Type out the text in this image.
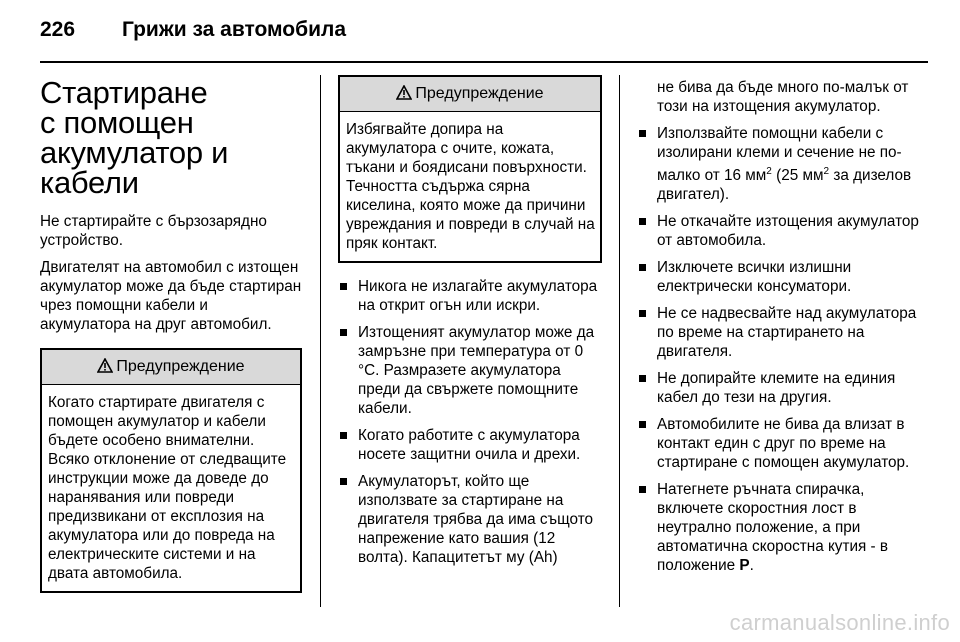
226 Грижи за автомобила
Стартиране
с помощен
акумулатор и кабели

Не стартирайте с бързозарядно устройство.

Двигателят на автомобил с изтощен акумулатор може да бъде стартиран чрез помощни кабели и акумулатора на друг автомобил.

Предупреждение
Когато стартирате двигателя с помощен акумулатор и кабели бъдете особено внимателни. Всяко отклонение от следващите инструкции може да доведе до наранявания или повреди предизвикани от експлозия на акумулатора или до повреда на електрическите системи и на двата автомобила.
Предупреждение
Избягвайте допира на акумулатора с очите, кожата, тъкани и боядисани повърхности. Течността съдържа сярна киселина, която може да причини увреждания и повреди в случай на пряк контакт.
Никога не излагайте акумулатора на открит огън или искри.
Изтощеният акумулатор може да замръзне при температура от 0 °C. Размразете акумулатора преди да свържете помощните кабели.
Когато работите с акумулатора носете защитни очила и дрехи.
Акумулаторът, който ще използвате за стартиране на двигателя трябва да има същото напрежение като вашия (12 волта). Капацитетът му (Ah)
не бива да бъде много по-малък от този на изтощения акумулатор.
Използвайте помощни кабели с изолирани клеми и сечение не по-малко от 16 $мм^2$ (25 $мм^2$ за дизелов двигател).
Не откачайте изтощения акумулатор от автомобила.
Изключете всички излишни електрически консуматори.
Не се надвесвайте над акумулатора по време на стартирането на двигателя.
Не допирайте клемите на единия кабел до тези на другия.
Автомобилите не бива да влизат в контакт един с друг по време на стартиране с помощен акумулатор.
Натегнете ръчната спирачка, включете скоростния лост в неутрално положение, а при автоматична скоростна кутия - в положение P.
carmanualsonline.info
